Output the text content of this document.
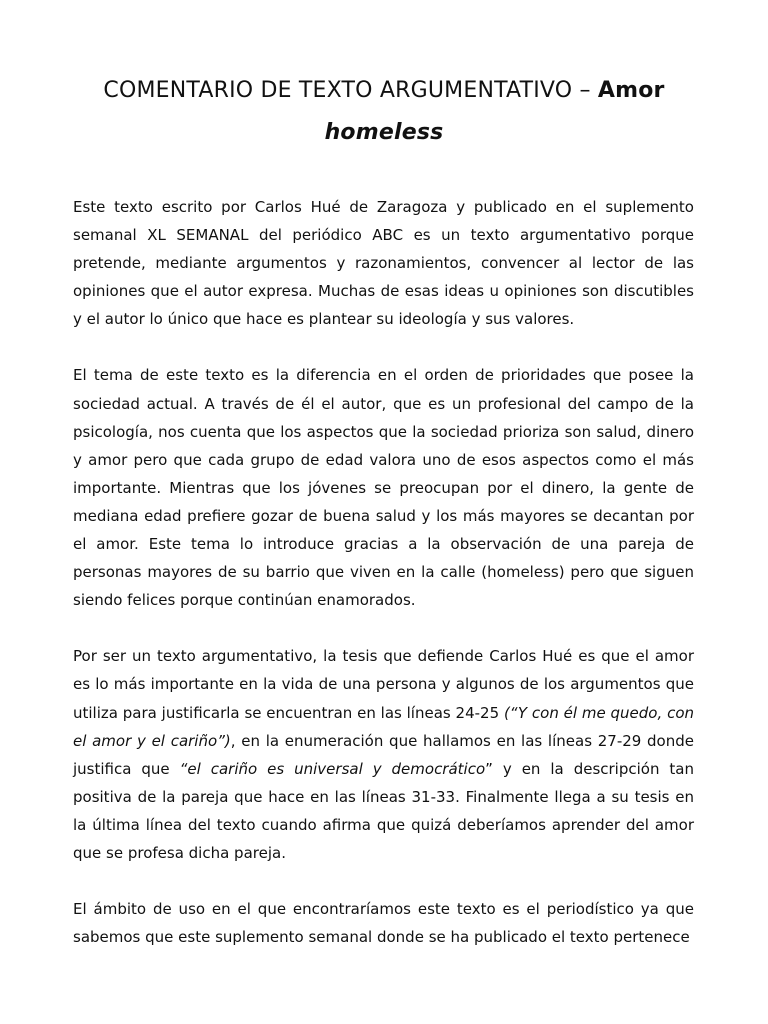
COMENTARIO DE TEXTO ARGUMENTATIVO – Amor
homeless

Este texto escrito por Carlos Hué de Zaragoza y publicado en el suplemento semanal XL SEMANAL del periódico ABC es un texto argumentativo porque pretende, mediante argumentos y razonamientos, convencer al lector de las opiniones que el autor expresa. Muchas de esas ideas u opiniones son discutibles y el autor lo único que hace es plantear su ideología y sus valores.

El tema de este texto es la diferencia en el orden de prioridades que posee la sociedad actual. A través de él el autor, que es un profesional del campo de la psicología, nos cuenta que los aspectos que la sociedad prioriza son salud, dinero y amor pero que cada grupo de edad valora uno de esos aspectos como el más importante. Mientras que los jóvenes se preocupan por el dinero, la gente de mediana edad prefiere gozar de buena salud y los más mayores se decantan por el amor. Este tema lo introduce gracias a la observación de una pareja de personas mayores de su barrio que viven en la calle (homeless) pero que siguen siendo felices porque continúan enamorados.

Por ser un texto argumentativo, la tesis que defiende Carlos Hué es que el amor es lo más importante en la vida de una persona y algunos de los argumentos que utiliza para justificarla se encuentran en las líneas 24-25 (“Y con él me quedo, con el amor y el cariño”), en la enumeración que hallamos en las líneas 27-29 donde justifica que “el cariño es universal y democrático” y en la descripción tan positiva de la pareja que hace en las líneas 31-33. Finalmente llega a su tesis en la última línea del texto cuando afirma que quizá deberíamos aprender del amor que se profesa dicha pareja.

El ámbito de uso en el que encontraríamos este texto es el periodístico ya que sabemos que este suplemento semanal donde se ha publicado el texto pertenece
